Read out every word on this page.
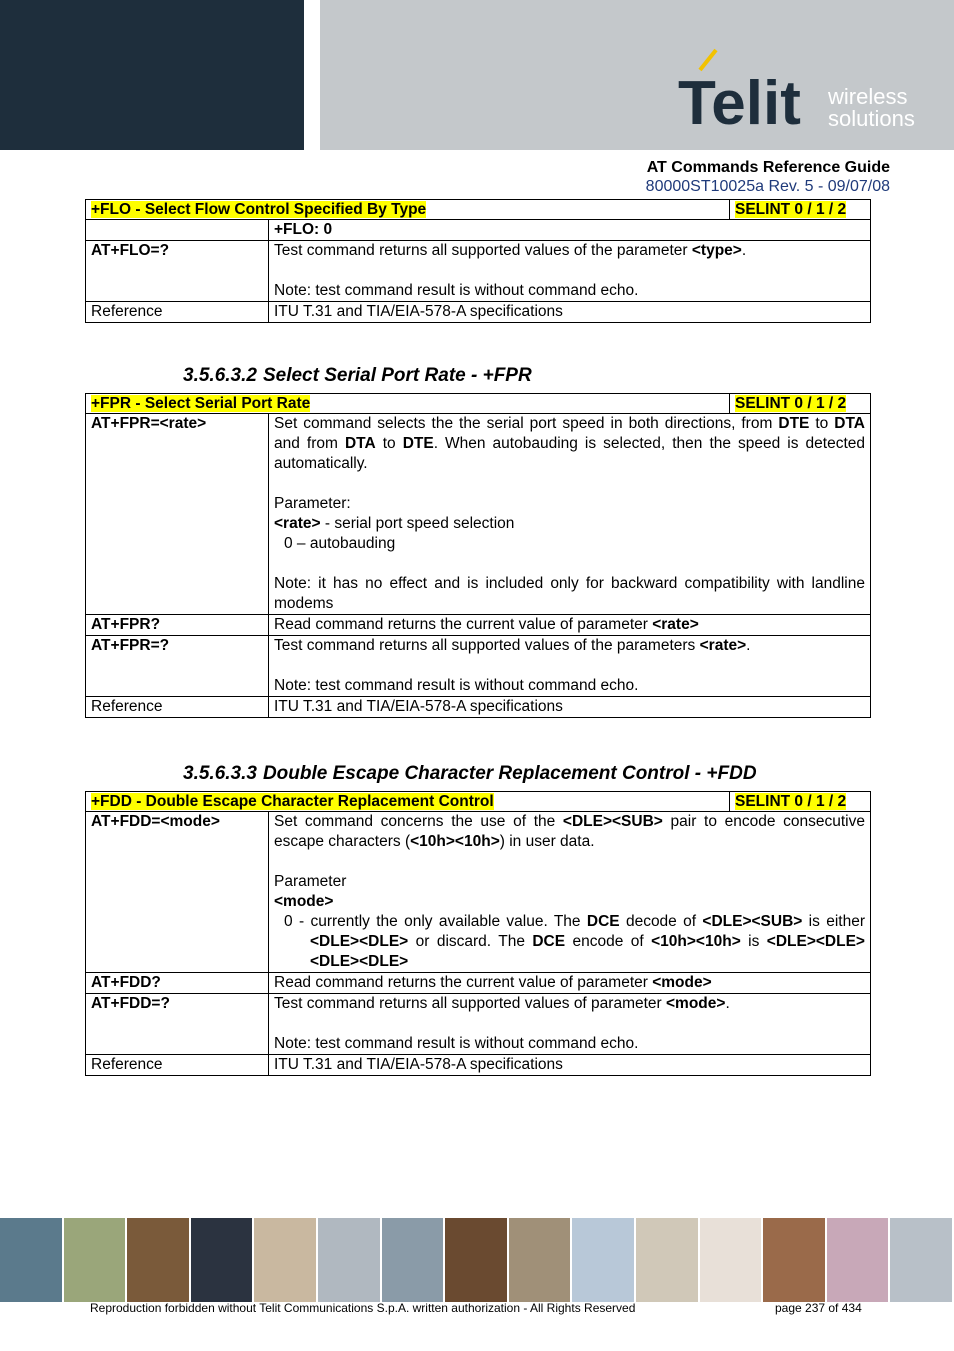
Telit wireless
solutions
AT Commands Reference Guide
80000ST10025a Rev. 5 - 09/07/08
+FLO - Select Flow Control Specified By Type		SELINT 0 / 1 / 2
	+FLO: 0	
AT+FLO=?	Test command returns all supported values of the parameter <type>.
Note: test command result is without command echo.	

Reference	ITU T.31 and TIA/EIA-578-A specifications	
3.5.6.3.2 Select Serial Port Rate - +FPR
+FPR - Select Serial Port Rate		SELINT 0 / 1 / 2
AT+FPR=<rate>	Set command selects the the serial port speed in both directions, from DTE to DTA and from DTA to DTE. When autobauding is selected, then the speed is detected automatically.
Parameter:
<rate> - serial port speed selection
0 – autobauding
Note: it has no effect and is included only for backward compatibility with landline modems	

AT+FPR?	Read command returns the current value of parameter <rate>	
AT+FPR=?	Test command returns all supported values of the parameters <rate>.
Note: test command result is without command echo.	

Reference	ITU T.31 and TIA/EIA-578-A specifications	
3.5.6.3.3 Double Escape Character Replacement Control - +FDD
+FDD - Double Escape Character Replacement Control		SELINT 0 / 1 / 2
AT+FDD=<mode>	Set command concerns the use of the <DLE><SUB> pair to encode consecutive escape characters (<10h><10h>) in user data.
Parameter
<mode>
0 - currently the only available value. The DCE decode of <DLE><SUB> is either <DLE><DLE> or discard. The DCE encode of <10h><10h> is <DLE><DLE><DLE><DLE>	

AT+FDD?	Read command returns the current value of parameter <mode>	
AT+FDD=?	Test command returns all supported values of parameter <mode>.
Note: test command result is without command echo.	

Reference	ITU T.31 and TIA/EIA-578-A specifications	
Reproduction forbidden without Telit Communications S.p.A. written authorization - All Rights Reserved	page 237 of 434
